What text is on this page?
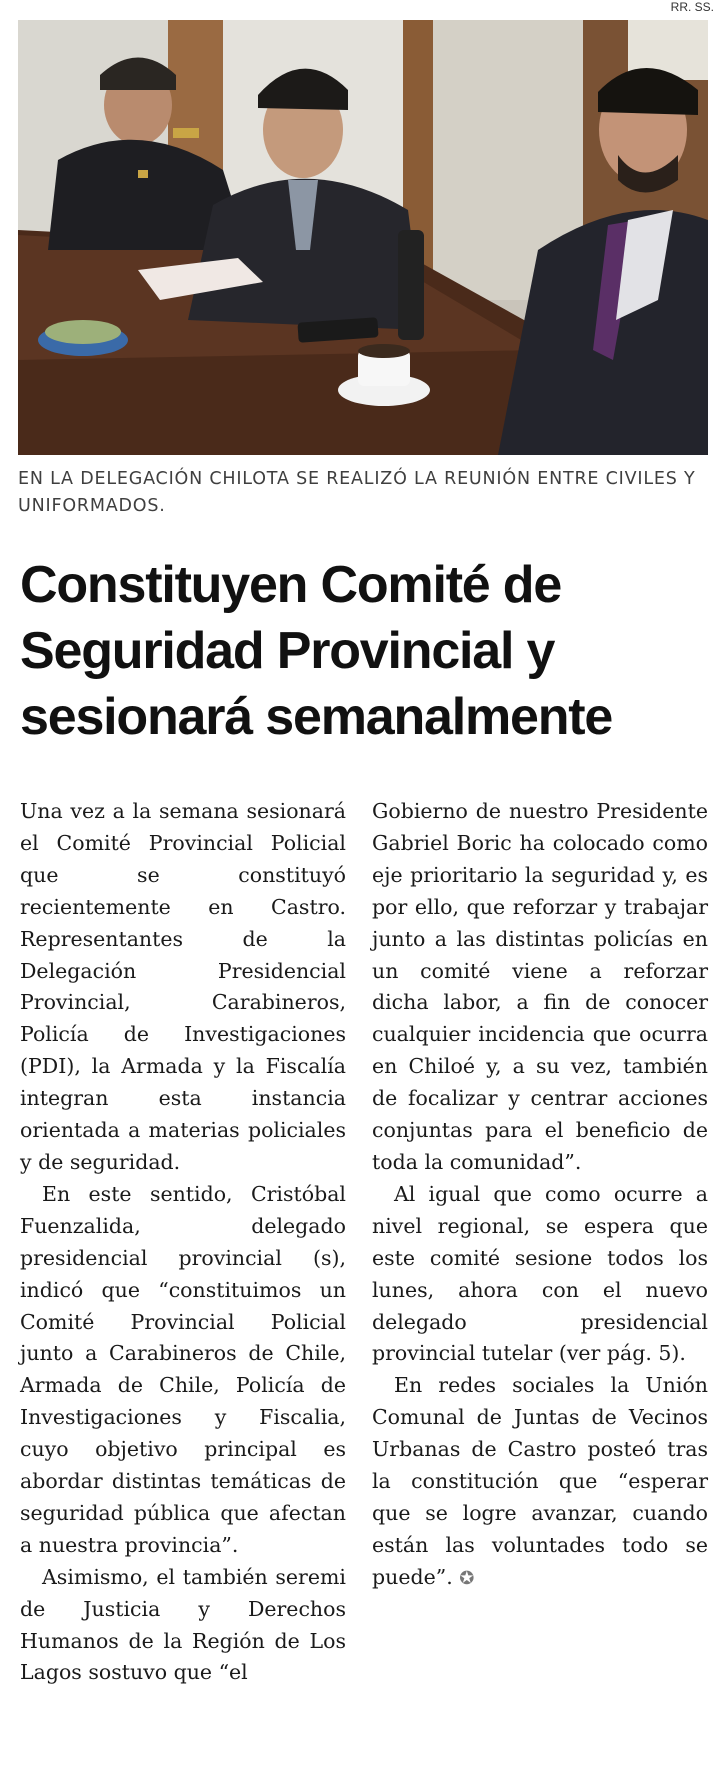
RR. SS.
EN LA DELEGACIÓN CHILOTA SE REALIZÓ LA REUNIÓN ENTRE CIVILES Y UNIFORMADOS.
Constituyen Comité de Seguridad Provincial y sesionará semanalmente

Una vez a la semana sesionará el Comité Provincial Policial que se constituyó recientemente en Castro. Representantes de la Delegación Presidencial Provincial, Carabineros, Policía de Investigaciones (PDI), la Armada y la Fiscalía integran esta instancia orientada a materias policiales y de seguridad.

En este sentido, Cristóbal Fuenzalida, delegado presidencial provincial (s), indicó que “constituimos un Comité Provincial Policial junto a Carabineros de Chile, Armada de Chile, Policía de Investigaciones y Fiscalia, cuyo objetivo principal es abordar distintas temáticas de seguridad pública que afectan a nuestra provincia”.

Asimismo, el también seremi de Justicia y Derechos Humanos de la Región de Los Lagos sostuvo que “el

Gobierno de nuestro Presidente Gabriel Boric ha colocado como eje prioritario la seguridad y, es por ello, que reforzar y trabajar junto a las distintas policías en un comité viene a reforzar dicha labor, a fin de conocer cualquier incidencia que ocurra en Chiloé y, a su vez, también de focalizar y centrar acciones conjuntas para el beneficio de toda la comunidad”.

Al igual que como ocurre a nivel regional, se espera que este comité sesione todos los lunes, ahora con el nuevo delegado presidencial provincial tutelar (ver pág. 5).

En redes sociales la Unión Comunal de Juntas de Vecinos Urbanas de Castro posteó tras la constitución que “esperar que se logre avanzar, cuando están las voluntades todo se puede”. ✪
